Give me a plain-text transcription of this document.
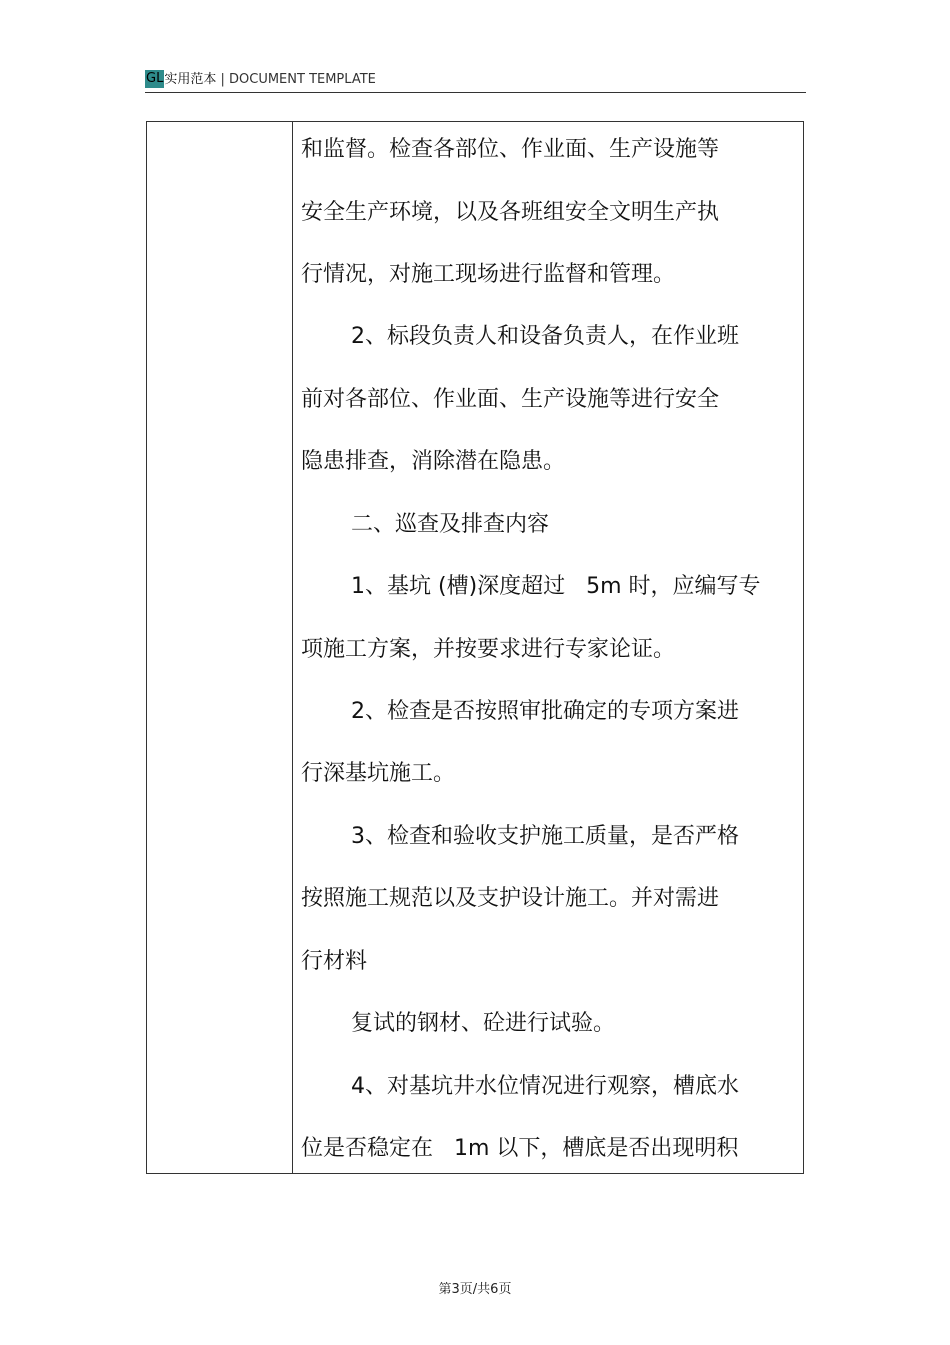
GL实用范本 | DOCUMENT TEMPLATE
和监督。检查各部位、作业面、生产设施等
安全生产环境，以及各班组安全文明生产执
行情况，对施工现场进行监督和管理。
2、标段负责人和设备负责人，在作业班
前对各部位、作业面、生产设施等进行安全
隐患排查，消除潜在隐患。
二、巡查及排查内容
1、基坑 (槽)深度超过   5m 时，应编写专
项施工方案，并按要求进行专家论证。
2、检查是否按照审批确定的专项方案进
行深基坑施工。
3、检查和验收支护施工质量，是否严格
按照施工规范以及支护设计施工。并对需进
行材料
复试的钢材、砼进行试验。
4、对基坑井水位情况进行观察，槽底水
位是否稳定在   1m 以下，槽底是否出现明积
第3页/共6页
